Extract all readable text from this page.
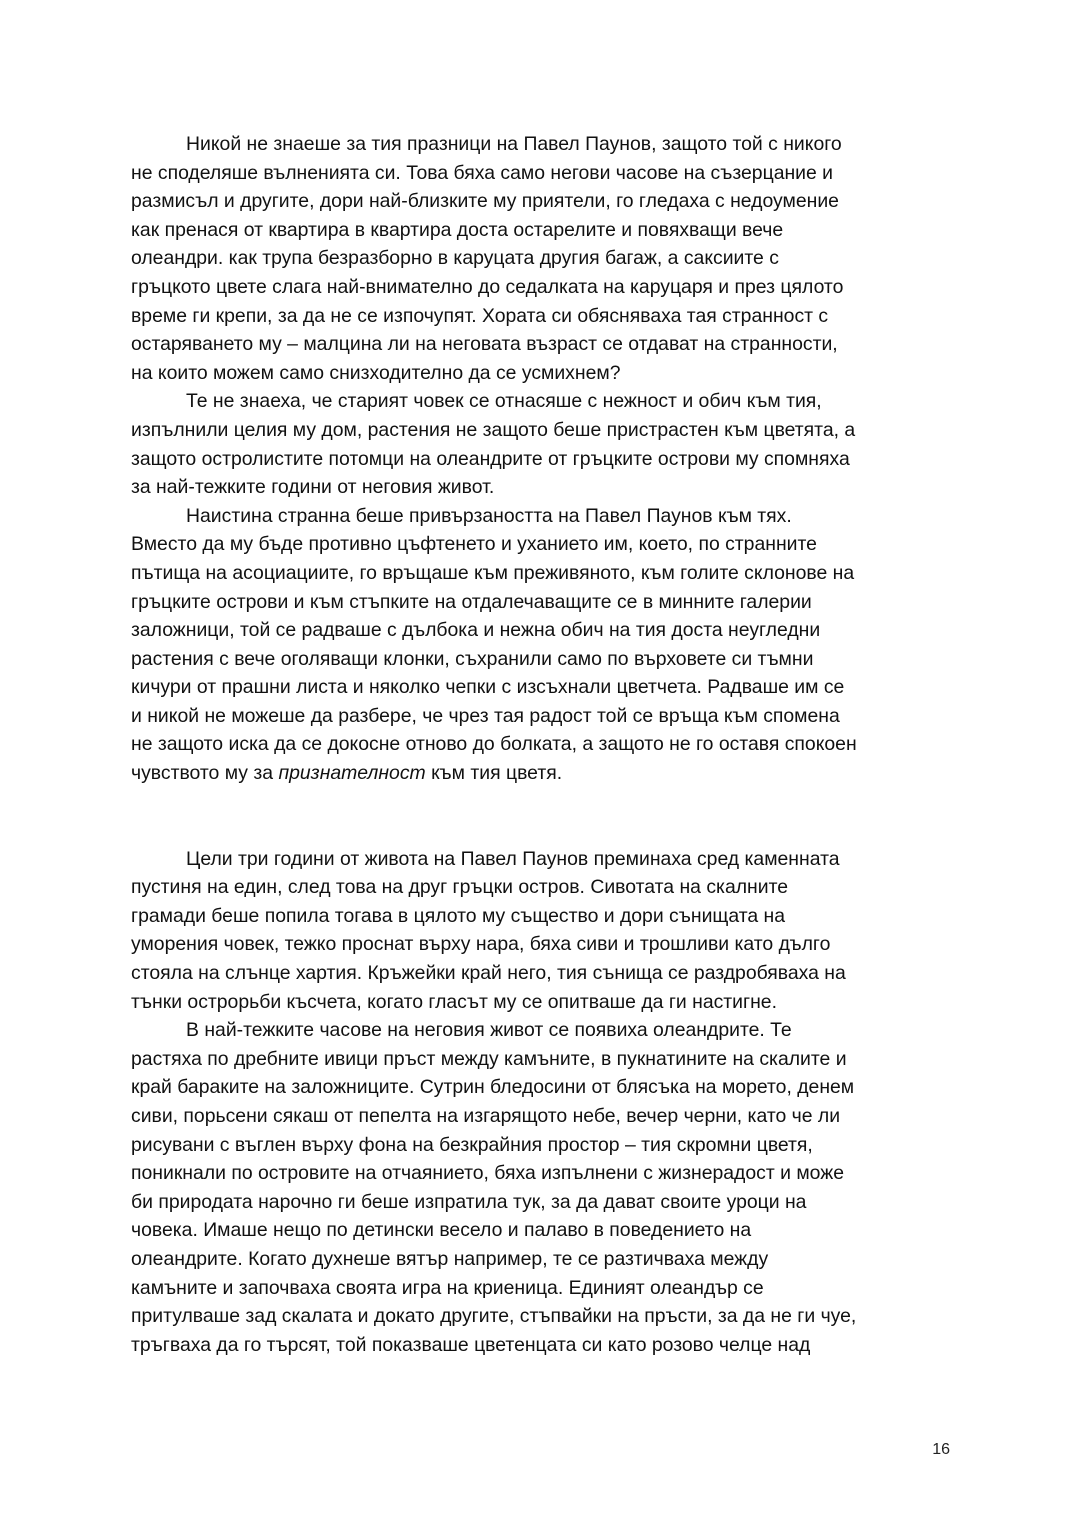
Никой не знаеше за тия празници на Павел Паунов, защото той с никого
не споделяше вълненията си. Това бяха само негови часове на съзерцание и
размисъл и другите, дори най-близките му приятели, го гледаха с недоумение
как пренася от квартира в квартира доста остарелите и повяхващи вече
олеандри. как трупа безразборно в каруцата другия багаж, а саксиите с
гръцкото цвете слага най-внимателно до седалката на каруцаря и през цялото
време ги крепи, за да не се изпочупят. Хората си обясняваха тая странност с
остаряването му – малцина ли на неговата възраст се отдават на странности,
на които можем само снизходително да се усмихнем?
Те не знаеха, че старият човек се отнасяше с нежност и обич към тия,
изпълнили целия му дом, растения не защото беше пристрастен към цветята, а
защото остролистите потомци на олеандрите от гръцките острови му спомняха
за най-тежките години от неговия живот.
Наистина странна беше привързаността на Павел Паунов към тях.
Вместо да му бъде противно цъфтенето и уханието им, което, по странните
пътища на асоциациите, го връщаше към преживяното, към голите склонове на
гръцките острови и към стъпките на отдалечаващите се в минните галерии
заложници, той се радваше с дълбока и нежна обич на тия доста неугледни
растения с вече оголяващи клонки, съхранили само по върховете си тъмни
кичури от прашни листа и няколко чепки с изсъхнали цветчета. Радваше им се
и никой не можеше да разбере, че чрез тая радост той се връща към спомена
не защото иска да се докосне отново до болката, а защото не го оставя спокоен
чувството му за признателност към тия цветя.
Цели три години от живота на Павел Паунов преминаха сред каменната
пустиня на един, след това на друг гръцки остров. Сивотата на скалните
грамади беше попила тогава в цялото му същество и дори сънищата на
уморения човек, тежко проснат върху нара, бяха сиви и трошливи като дълго
стояла на слънце хартия. Кръжейки край него, тия сънища се раздробяваха на
тънки острорьби късчета, когато гласът му се опитваше да ги настигне.
В най-тежките часове на неговия живот се появиха олеандрите. Те
растяха по дребните ивици пръст между камъните, в пукнатините на скалите и
край бараките на заложниците. Сутрин бледосини от блясъка на морето, денем
сиви, порьсени сякаш от пепелта на изгарящото небе, вечер черни, като че ли
рисувани с въглен върху фона на безкрайния простор – тия скромни цветя,
поникнали по островите на отчаянието, бяха изпълнени с жизнерадост и може
би природата нарочно ги беше изпратила тук, за да дават своите уроци на
човека. Имаше нещо по детински весело и палаво в поведението на
олеандрите. Когато духнеше вятър например, те се разтичваха между
камъните и започваха своята игра на криеница. Единият олеандър се
притулваше зад скалата и докато другите, стъпвайки на пръсти, за да не ги чуе,
тръгваха да го търсят, той показваше цветенцата си като розово челце над
16
